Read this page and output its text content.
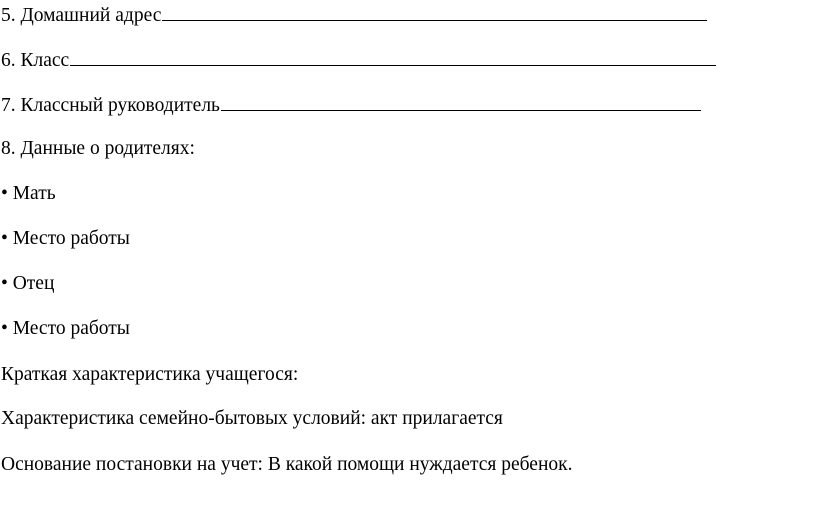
5. Домашний адрес
6. Класс
7. Классный руководитель
8. Данные о родителях:
• Мать
• Место работы
• Отец
• Место работы
Краткая характеристика учащегося:
Характеристика семейно-бытовых условий: акт прилагается
Основание постановки на учет: В какой помощи нуждается ребенок.
